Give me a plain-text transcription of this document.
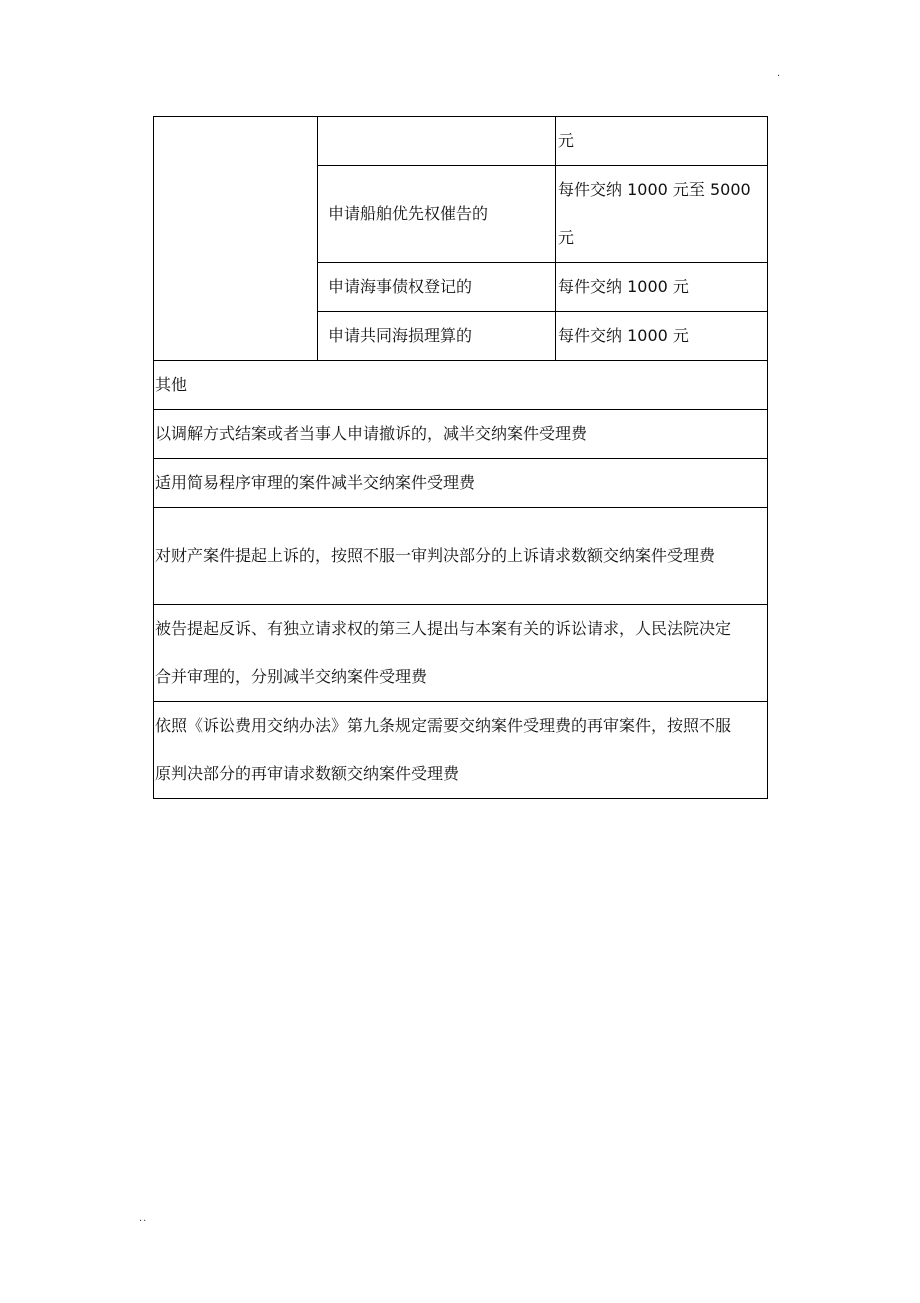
·
		元
	申请船舶优先权催告的	每件交纳 1000 元至 5000 元
	申请海事债权登记的	每件交纳 1000 元
	申请共同海损理算的	每件交纳 1000 元
其他		
以调解方式结案或者当事人申请撤诉的，减半交纳案件受理费		
适用简易程序审理的案件减半交纳案件受理费		
对财产案件提起上诉的，按照不服一审判决部分的上诉请求数额交纳案件受理费		
被告提起反诉、有独立请求权的第三人提出与本案有关的诉讼请求，人民法院决定合并审理的，分别减半交纳案件受理费		
依照《诉讼费用交纳办法》第九条规定需要交纳案件受理费的再审案件，按照不服原判决部分的再审请求数额交纳案件受理费		
..
